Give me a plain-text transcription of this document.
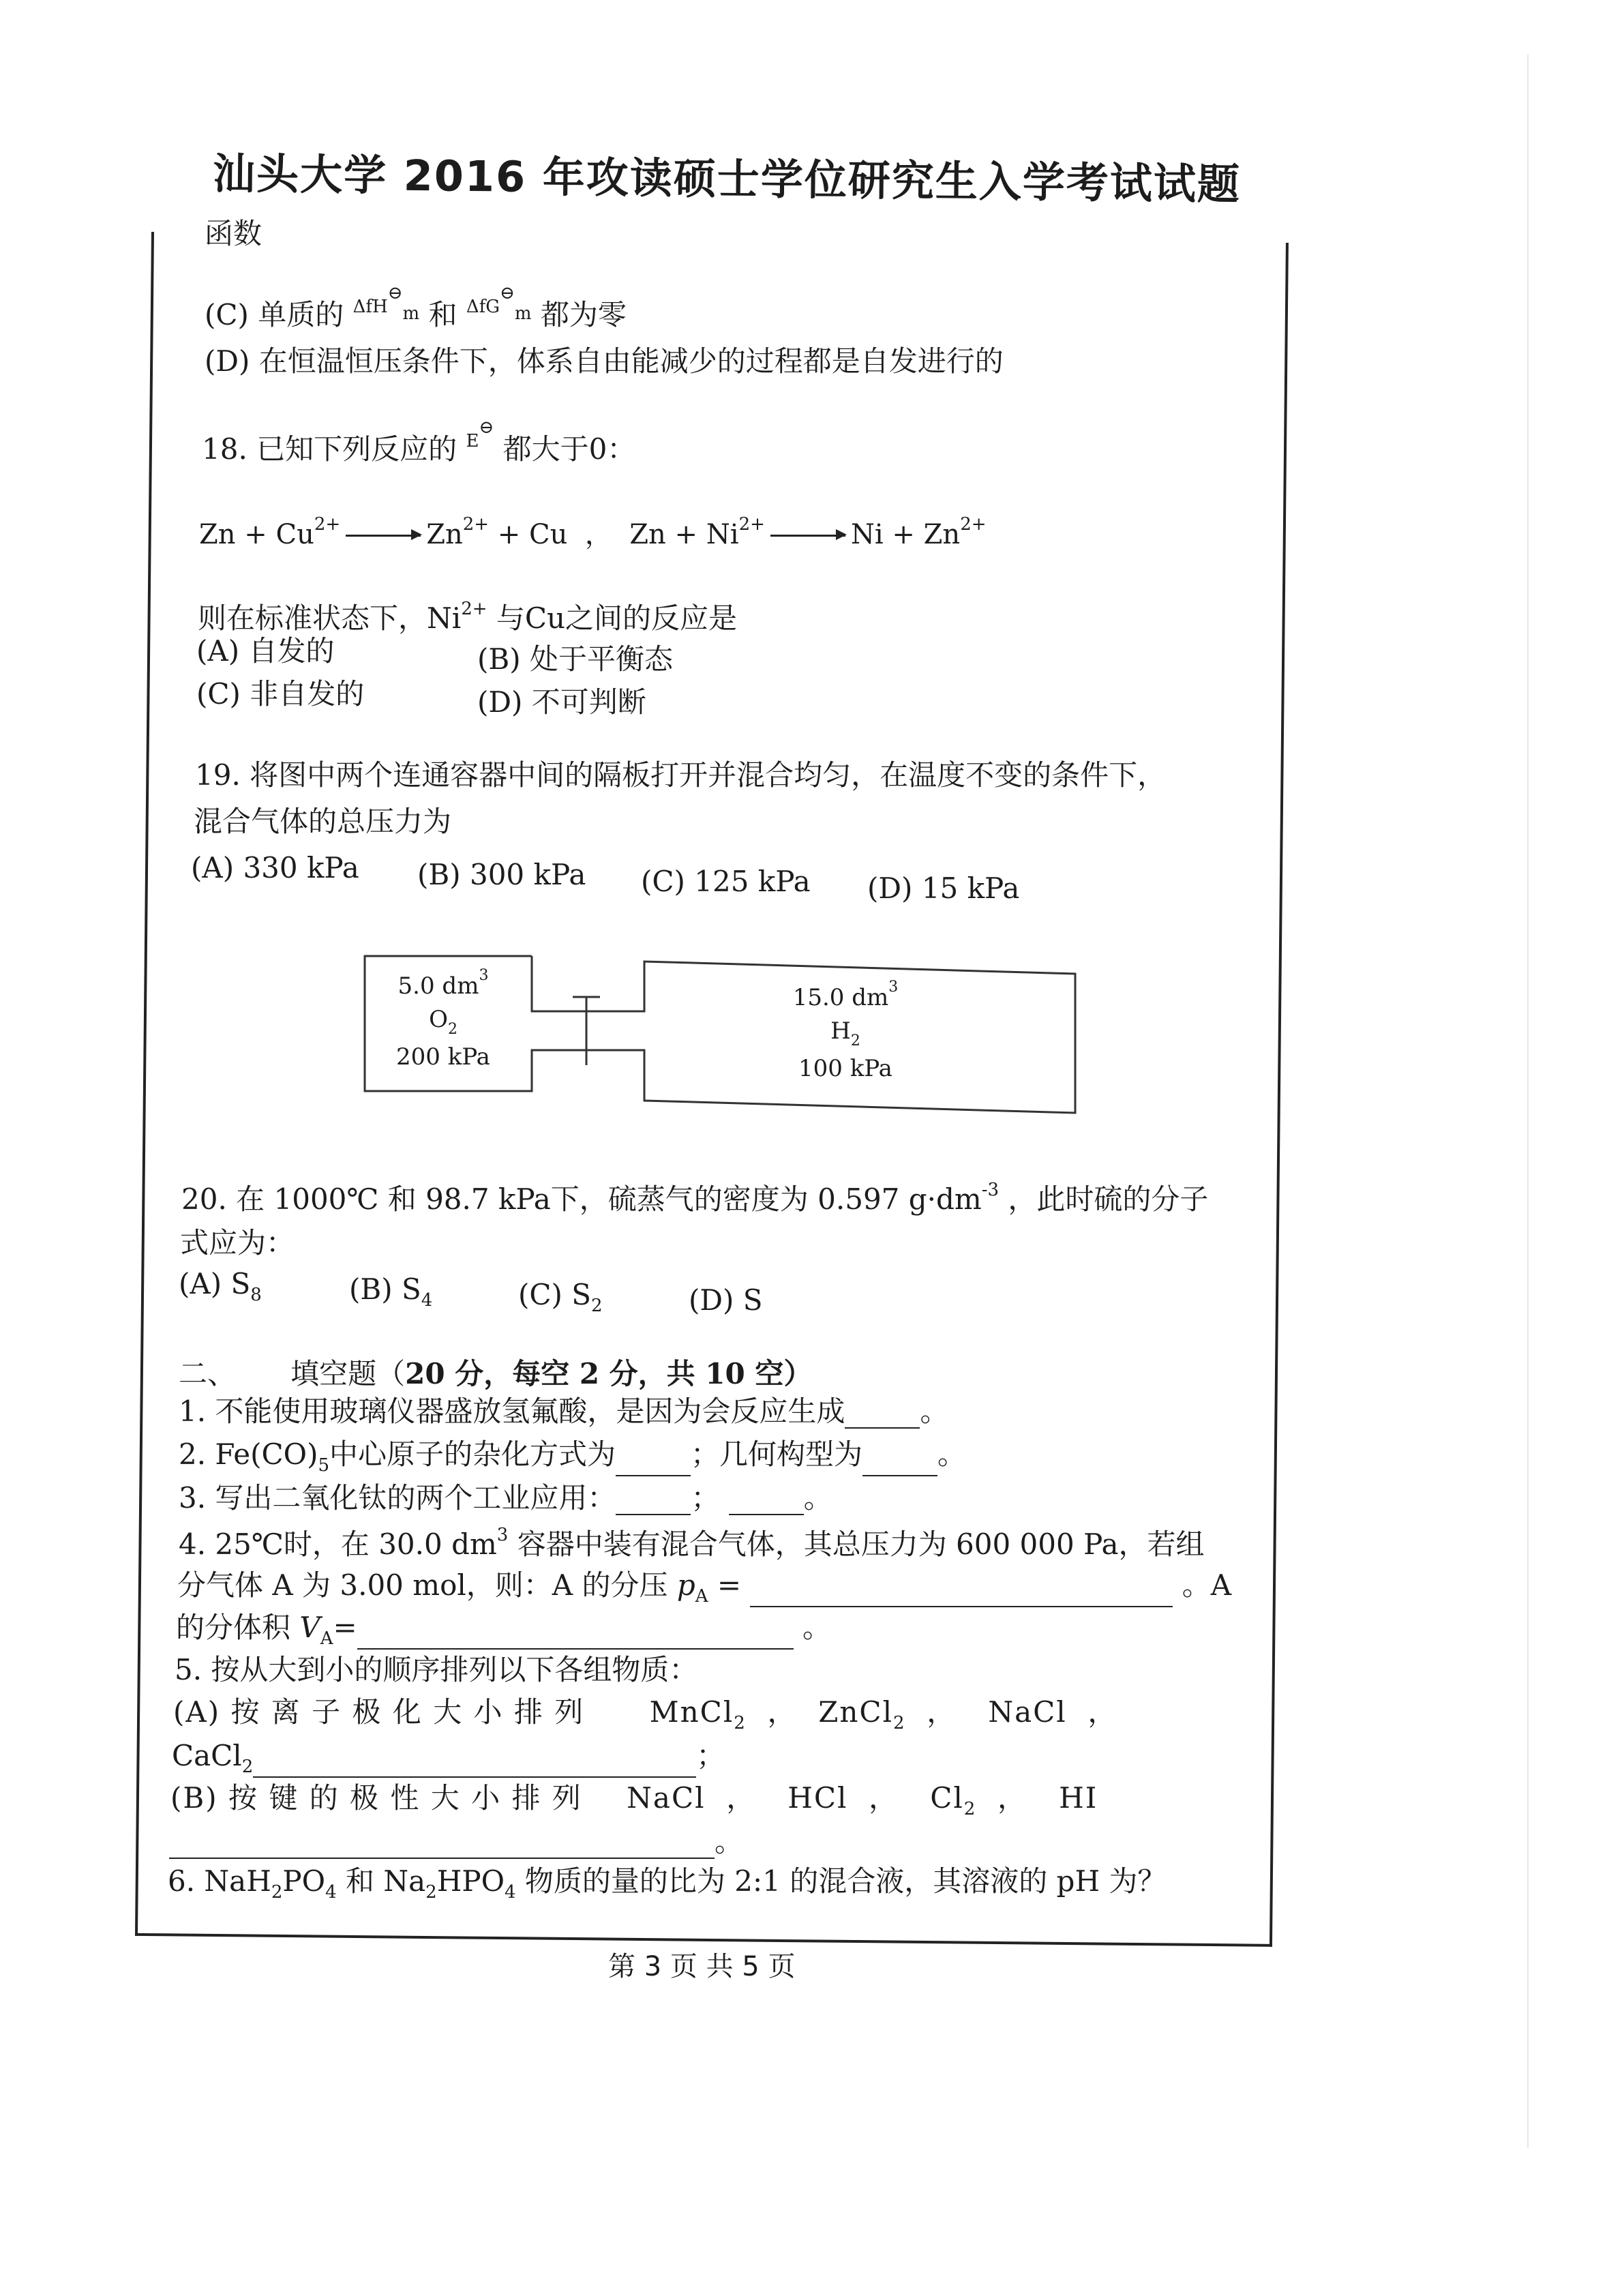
汕头大学 2016 年攻读硕士学位研究生入学考试试题
函数
(C) 单质的 $^{\Delta fH^⊖_m}$ 和 $^{\Delta fG^⊖_m}$ 都为零
(D) 在恒温恒压条件下，体系自由能减少的过程都是自发进行的
18. 已知下列反应的 $^{E^⊖}$ 都大于0：
$Zn + Cu^{2+}$	$Zn^{2+} + Cu$  ，  $Zn + Ni^{2+}$	$Ni + Zn^{2+}$
则在标准状态下，$Ni^{2+}$ 与Cu之间的反应是
(A) 自发的	(B) 处于平衡态
(C) 非自发的	(D) 不可判断
19. 将图中两个连通容器中间的隔板打开并混合均匀，在温度不变的条件下，
混合气体的总压力为
(A) 330 kPa (B) 300 kPa (C) 125 kPa (D) 15 kPa
5.0 $dm^3$
$O_2$
200 kPa
15.0 $dm^3$
$H_2$
100 kPa
20. 在 1000℃ 和 98.7 kPa下，硫蒸气的密度为 0.597 $g\cdot dm^{-3}$ ，此时硫的分子
式应为：
(A) $S_8$	(B) $S_4$	(C) $S_2$	(D) S
二、 填空题（20 分，每空 2 分，共 10 空）
1. 不能使用玻璃仪器盛放氢氟酸，是因为会反应生成	。
2. $Fe(CO)_5$中心原子的杂化方式为	；几何构型为	。
3. 写出二氧化钛的两个工业应用：	；	。
4. 25℃时，在 30.0 $dm^3$ 容器中装有混合气体，其总压力为 600 000 Pa，若组
分气体 A 为 3.00 mol，则：A 的分压 $p_A$ =	。A
的分体积 $V_A=$	。
5. 按从大到小的顺序排列以下各组物质：
(A) 按 离 子 极 化 大 小 排 列 MnCl$_2$  ，  ZnCl$_2$  ，   NaCl  ，
CaCl$_2$	；
(B) 按 键 的 极 性 大 小 排 列 NaCl  ，   HCl  ，   $Cl_2$  ，   HI
。
6. $NaH_2PO_4$ 和 $Na_2HPO_4$ 物质的量的比为 2:1 的混合液，其溶液的 pH 为？
第 3 页 共 5 页
